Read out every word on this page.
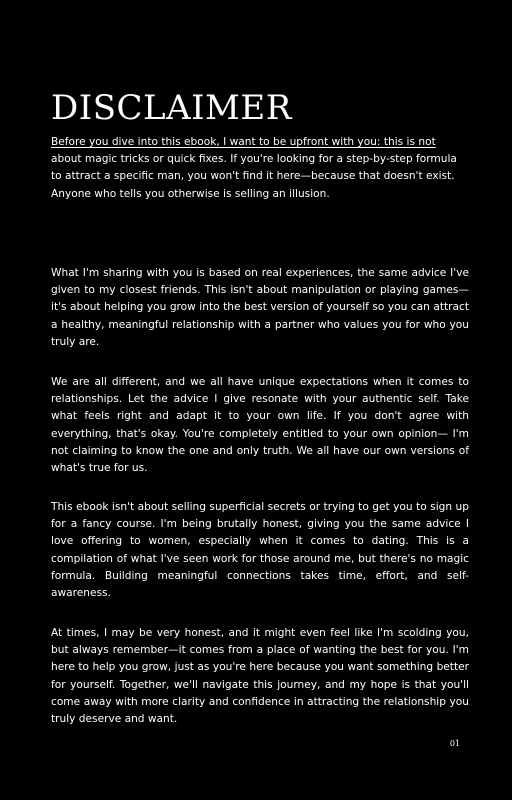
DISCLAIMER

Before you dive into this ebook, I want to be upfront with you: this is not about magic tricks or quick fixes. If you're looking for a step-by-step formula to attract a specific man, you won't find it here—because that doesn't exist. Anyone who tells you otherwise is selling an illusion.

What I'm sharing with you is based on real experiences, the same advice I've given to my closest friends. This isn't about manipulation or playing games—it's about helping you grow into the best version of yourself so you can attract a healthy, meaningful relationship with a partner who values you for who you truly are.

We are all different, and we all have unique expectations when it comes to relationships. Let the advice I give resonate with your authentic self. Take what feels right and adapt it to your own life. If you don't agree with everything, that's okay. You're completely entitled to your own opinion— I'm not claiming to know the one and only truth. We all have our own versions of what's true for us.

This ebook isn't about selling superficial secrets or trying to get you to sign up for a fancy course. I'm being brutally honest, giving you the same advice I love offering to women, especially when it comes to dating. This is a compilation of what I've seen work for those around me, but there's no magic formula. Building meaningful connections takes time, effort, and self-awareness.

At times, I may be very honest, and it might even feel like I'm scolding you, but always remember—it comes from a place of wanting the best for you. I'm here to help you grow, just as you're here because you want something better for yourself. Together, we'll navigate this journey, and my hope is that you'll come away with more clarity and confidence in attracting the relationship you truly deserve and want.

01
